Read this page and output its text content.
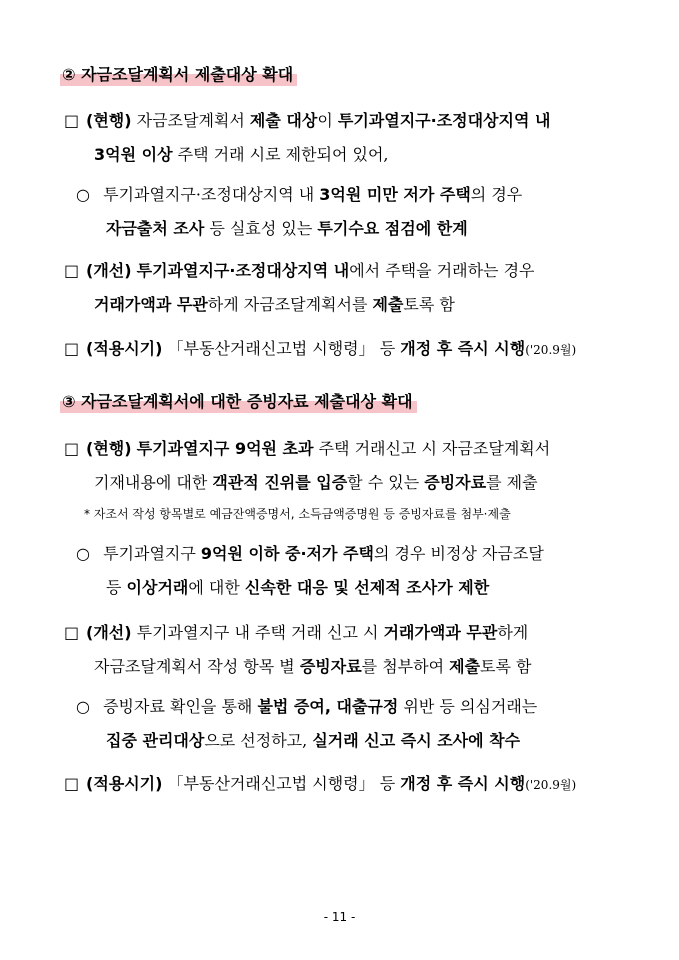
② 자금조달계획서 제출대상 확대
□ (현행) 자금조달계획서 제출 대상이 투기과열지구·조정대상지역 내
3억원 이상 주택 거래 시로 제한되어 있어,
○ 투기과열지구·조정대상지역 내 3억원 미만 저가 주택의 경우
자금출처 조사 등 실효성 있는 투기수요 점검에 한계
□ (개선) 투기과열지구·조정대상지역 내에서 주택을 거래하는 경우
거래가액과 무관하게 자금조달계획서를 제출토록 함
□ (적용시기) 「부동산거래신고법 시행령」 등 개정 후 즉시 시행('20.9월)
③ 자금조달계획서에 대한 증빙자료 제출대상 확대
□ (현행) 투기과열지구 9억원 초과 주택 거래신고 시 자금조달계획서
기재내용에 대한 객관적 진위를 입증할 수 있는 증빙자료를 제출
* 자조서 작성 항목별로 예금잔액증명서, 소득금액증명원 등 증빙자료를 첨부·제출
○ 투기과열지구 9억원 이하 중·저가 주택의 경우 비정상 자금조달
등 이상거래에 대한 신속한 대응 및 선제적 조사가 제한
□ (개선) 투기과열지구 내 주택 거래 신고 시 거래가액과 무관하게
자금조달계획서 작성 항목 별 증빙자료를 첨부하여 제출토록 함
○ 증빙자료 확인을 통해 불법 증여, 대출규정 위반 등 의심거래는
집중 관리대상으로 선정하고, 실거래 신고 즉시 조사에 착수
□ (적용시기) 「부동산거래신고법 시행령」 등 개정 후 즉시 시행('20.9월)
- 11 -
